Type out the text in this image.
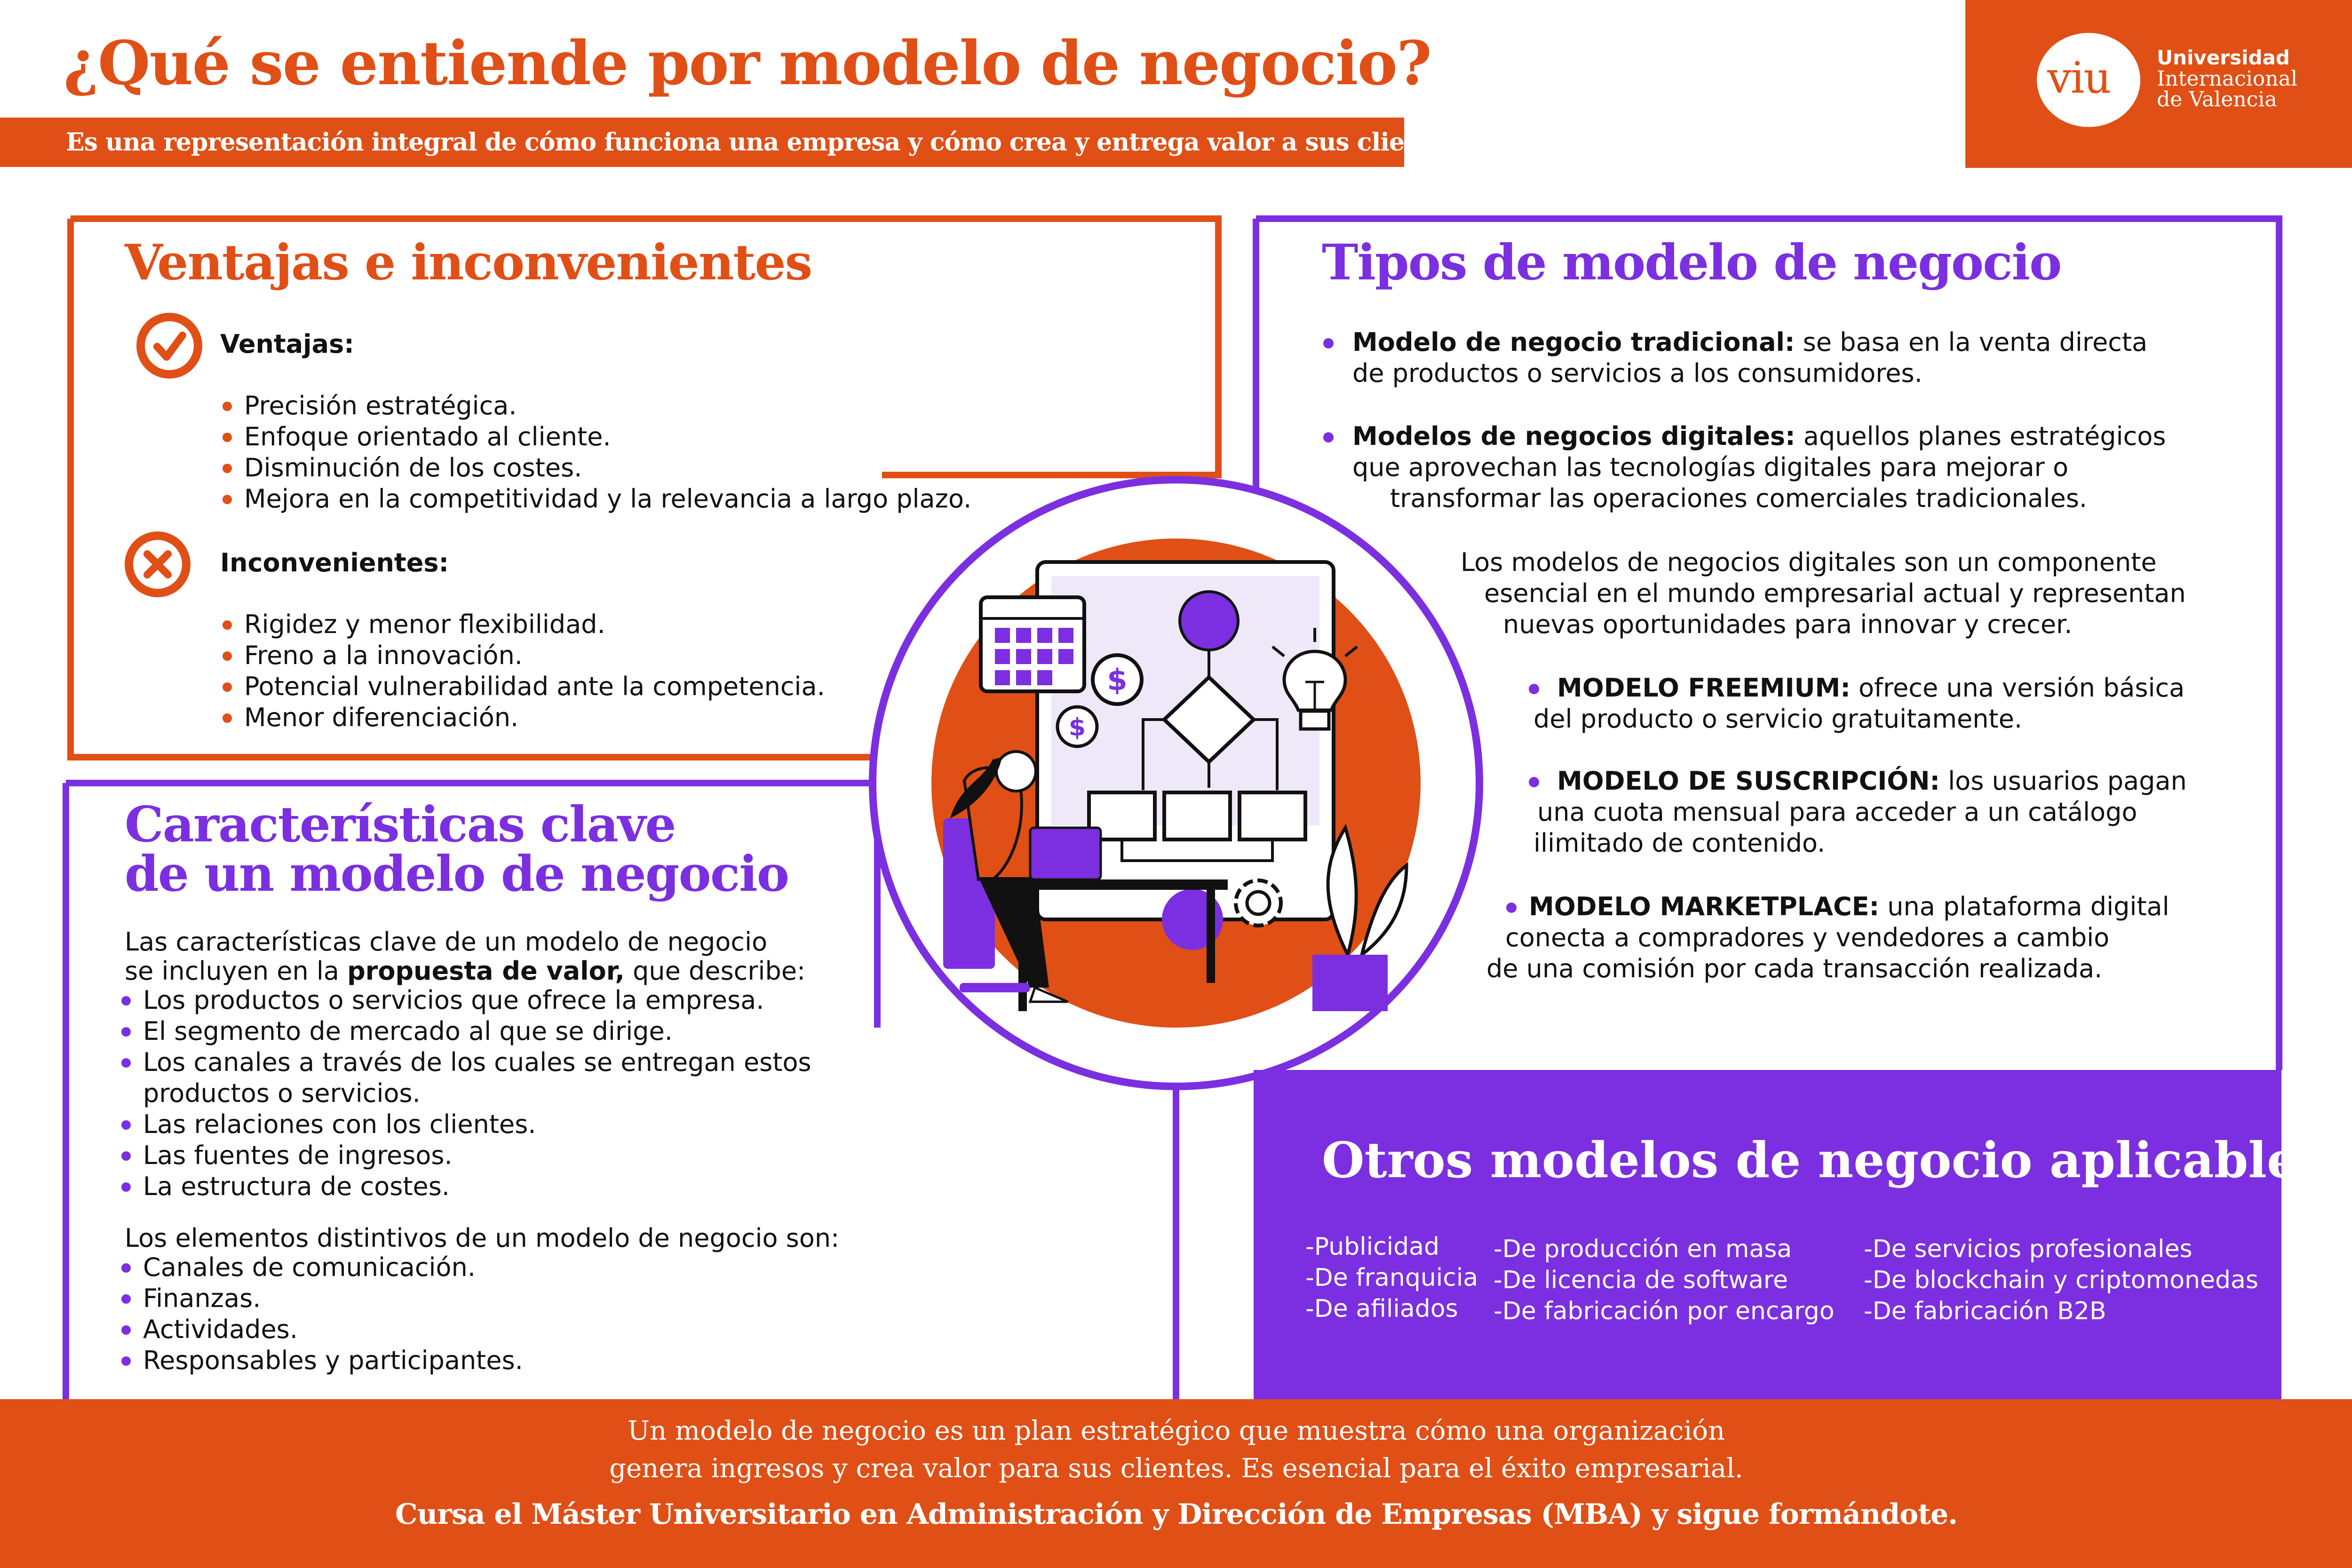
¿Qué se entiende por modelo de negocio?
Es una representación integral de cómo funciona una empresa y cómo crea y entrega valor a sus clientes.
viu Universidad
Internacional
de Valencia
Ventajas e inconvenientes
Ventajas:
Precisión estratégica.
Enfoque orientado al cliente.
Disminución de los costes.
Mejora en la competitividad y la relevancia a largo plazo.
Inconvenientes:
Rigidez y menor flexibilidad.
Freno a la innovación.
Potencial vulnerabilidad ante la competencia.
Menor diferenciación.
Características clave
de un modelo de negocio
Las características clave de un modelo de negocio
se incluyen en la propuesta de valor, que describe:
Los productos o servicios que ofrece la empresa.
El segmento de mercado al que se dirige.
Los canales a través de los cuales se entregan estos
productos o servicios.
Las relaciones con los clientes.
Las fuentes de ingresos.
La estructura de costes.
Los elementos distintivos de un modelo de negocio son:
Canales de comunicación.
Finanzas.
Actividades.
Responsables y participantes.
Tipos de modelo de negocio
Modelo de negocio tradicional: se basa en la venta directa
de productos o servicios a los consumidores.
Modelos de negocios digitales: aquellos planes estratégicos
que aprovechan las tecnologías digitales para mejorar o
transformar las operaciones comerciales tradicionales.
Los modelos de negocios digitales son un componente
esencial en el mundo empresarial actual y representan
nuevas oportunidades para innovar y crecer.
MODELO FREEMIUM: ofrece una versión básica
del producto o servicio gratuitamente.
MODELO DE SUSCRIPCIÓN: los usuarios pagan
una cuota mensual para acceder a un catálogo
ilimitado de contenido.
MODELO MARKETPLACE: una plataforma digital
conecta a compradores y vendedores a cambio
de una comisión por cada transacción realizada.
Otros modelos de negocio aplicables
-Publicidad
-De franquicia
-De afiliados
-De producción en masa
-De licencia de software
-De fabricación por encargo
-De servicios profesionales
-De blockchain y criptomonedas
-De fabricación B2B
$
$
Un modelo de negocio es un plan estratégico que muestra cómo una organización
genera ingresos y crea valor para sus clientes. Es esencial para el éxito empresarial.
Cursa el Máster Universitario en Administración y Dirección de Empresas (MBA) y sigue formándote.
